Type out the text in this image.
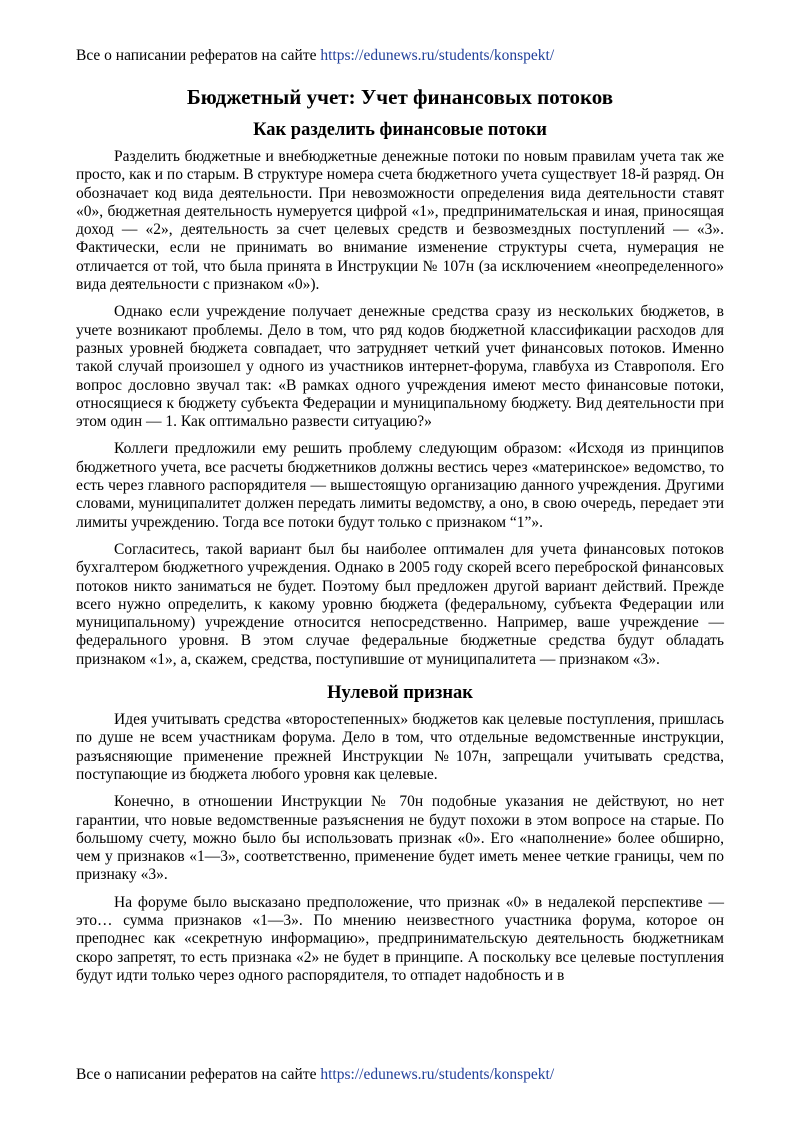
Все о написании рефератов на сайте https://edunews.ru/students/konspekt/
Бюджетный учет: Учет финансовых потоков
Как разделить финансовые потоки

Разделить бюджетные и внебюджетные денежные потоки по новым правилам учета так же просто, как и по старым. В структуре номера счета бюджетного учета существует 18-й разряд. Он обозначает код вида деятельности. При невозможности определения вида деятельности ставят «0», бюджетная деятельность нумеруется цифрой «1», предпринимательская и иная, приносящая доход — «2», деятельность за счет целевых средств и безвозмездных поступлений — «3». Фактически, если не принимать во внимание изменение структуры счета, нумерация не отличается от той, что была принята в Инструкции № 107н (за исключением «неопределенного» вида деятельности с признаком «0»).

Однако если учреждение получает денежные средства сразу из нескольких бюджетов, в учете возникают проблемы. Дело в том, что ряд кодов бюджетной классификации расходов для разных уровней бюджета совпадает, что затрудняет четкий учет финансовых потоков. Именно такой случай произошел у одного из участников интернет-форума, главбуха из Ставрополя. Его вопрос дословно звучал так: «В рамках одного учреждения имеют место финансовые потоки, относящиеся к бюджету субъекта Федерации и муниципальному бюджету. Вид деятельности при этом один — 1. Как оптимально развести ситуацию?»

Коллеги предложили ему решить проблему следующим образом: «Исходя из принципов бюджетного учета, все расчеты бюджетников должны вестись через «материнское» ведомство, то есть через главного распорядителя — вышестоящую организацию данного учреждения. Другими словами, муниципалитет должен передать лимиты ведомству, а оно, в свою очередь, передает эти лимиты учреждению. Тогда все потоки будут только с признаком “1”».

Согласитесь, такой вариант был бы наиболее оптимален для учета финансовых потоков бухгалтером бюджетного учреждения. Однако в 2005 году скорей всего переброской финансовых потоков никто заниматься не будет. Поэтому был предложен другой вариант действий. Прежде всего нужно определить, к какому уровню бюджета (федеральному, субъекта Федерации или муниципальному) учреждение относится непосредственно. Например, ваше учреждение — федерального уровня. В этом случае федеральные бюджетные средства будут обладать признаком «1», а, скажем, средства, поступившие от муниципалитета — признаком «3».

Нулевой признак

Идея учитывать средства «второстепенных» бюджетов как целевые поступления, пришлась по душе не всем участникам форума. Дело в том, что отдельные ведомственные инструкции, разъясняющие применение прежней Инструкции №107н, запрещали учитывать средства, поступающие из бюджета любого уровня как целевые.

Конечно, в отношении Инструкции № 70н подобные указания не действуют, но нет гарантии, что новые ведомственные разъяснения не будут похожи в этом вопросе на старые. По большому счету, можно было бы использовать признак «0». Его «наполнение» более обширно, чем у признаков «1—3», соответственно, применение будет иметь менее четкие границы, чем по признаку «3».

На форуме было высказано предположение, что признак «0» в недалекой перспективе — это… сумма признаков «1—3». По мнению неизвестного участника форума, которое он преподнес как «секретную информацию», предпринимательскую деятельность бюджетникам скоро запретят, то есть признака «2» не будет в принципе. А поскольку все целевые поступления будут идти только через одного распорядителя, то отпадет надобность и в

Все о написании рефератов на сайте https://edunews.ru/students/konspekt/
